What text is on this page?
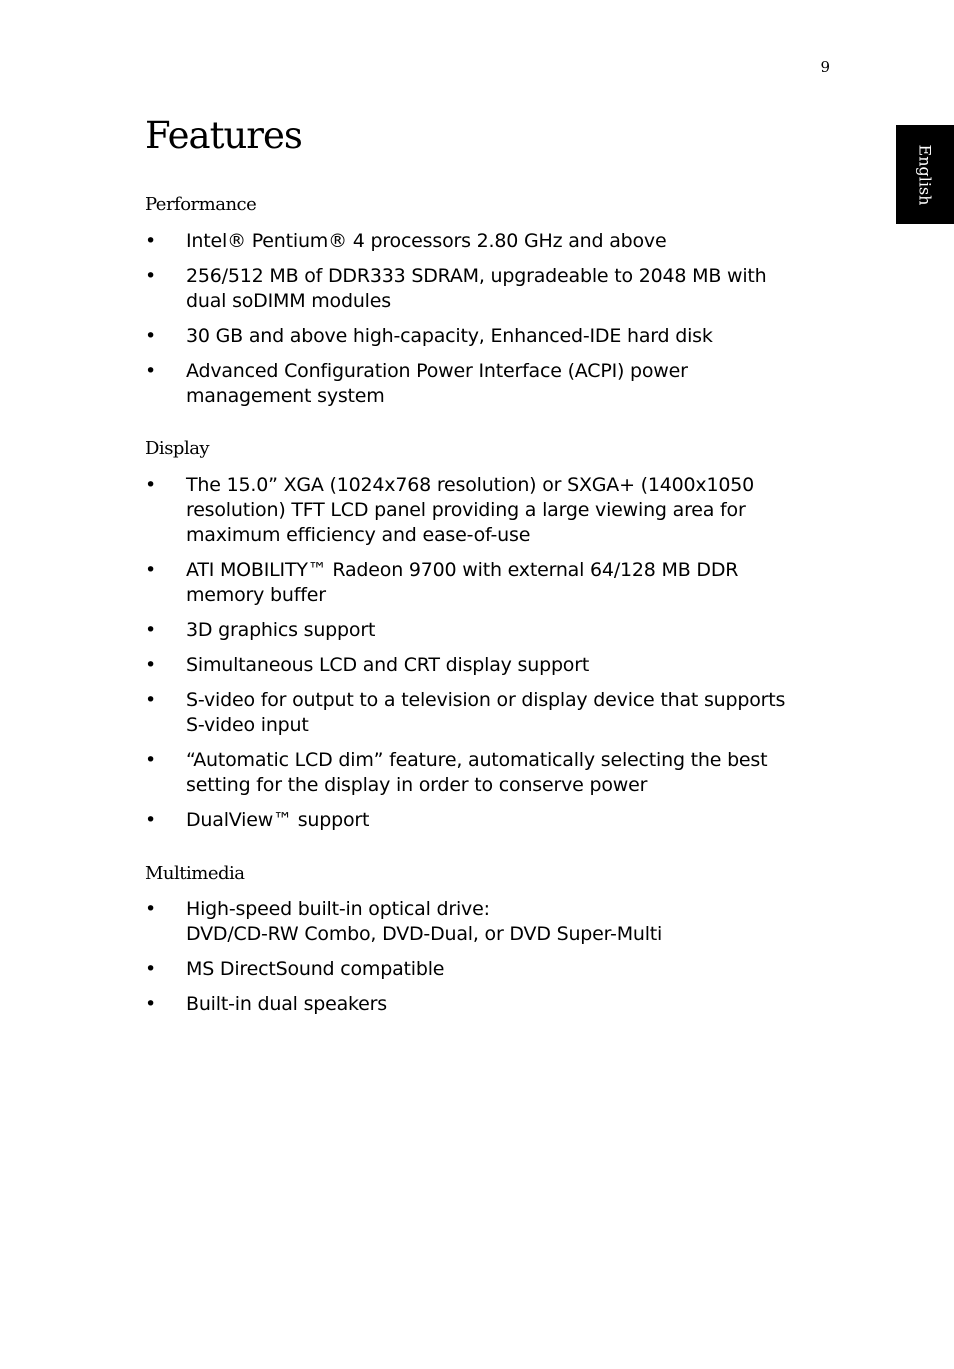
9
English
Features
Performance
• Intel® Pentium® 4 processors 2.80 GHz and above
• 256/512 MB of DDR333 SDRAM, upgradeable to 2048 MB with
dual soDIMM modules
• 30 GB and above high-capacity, Enhanced-IDE hard disk
• Advanced Configuration Power Interface (ACPI) power
management system
Display
• The 15.0” XGA (1024x768 resolution) or SXGA+ (1400x1050
resolution) TFT LCD panel providing a large viewing area for
maximum efficiency and ease-of-use
• ATI MOBILITY™ Radeon 9700 with external 64/128 MB DDR
memory buffer
• 3D graphics support
• Simultaneous LCD and CRT display support
• S-video for output to a television or display device that supports
S-video input
• “Automatic LCD dim” feature, automatically selecting the best
setting for the display in order to conserve power
• DualView™ support
Multimedia
• High-speed built-in optical drive:
DVD/CD-RW Combo, DVD-Dual, or DVD Super-Multi
• MS DirectSound compatible
• Built-in dual speakers
